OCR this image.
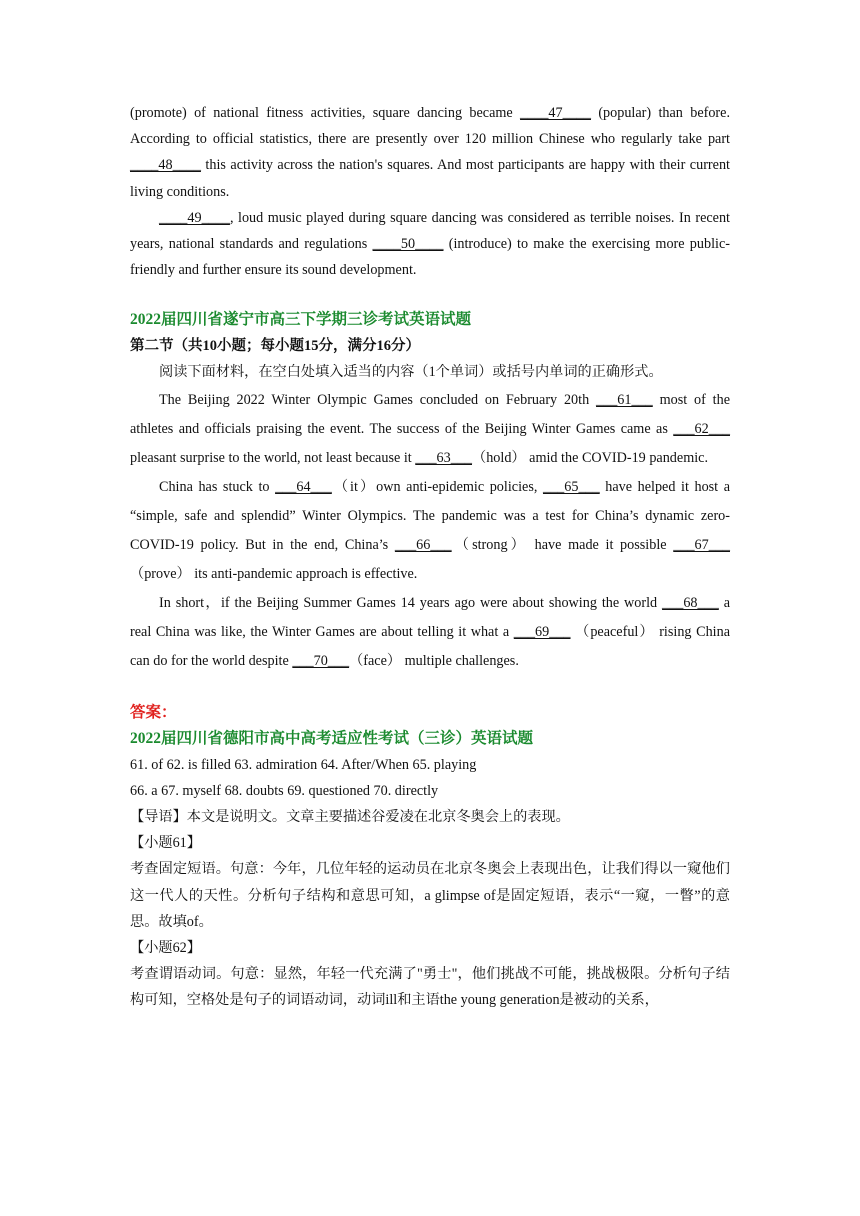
(promote) of national fitness activities, square dancing became ____47____ (popular) than before. According to official statistics, there are presently over 120 million Chinese who regularly take part ____48____ this activity across the nation's squares. And most participants are happy with their current living conditions.

____49____, loud music played during square dancing was considered as terrible noises. In recent years, national standards and regulations ____50____ (introduce) to make the exercising more public-friendly and further ensure its sound development.

2022届四川省遂宁市高三下学期三诊考试英语试题

第二节（共10小题；每小题15分，满分16分）

阅读下面材料，在空白处填入适当的内容（1个单词）或括号内单词的正确形式。

The Beijing 2022 Winter Olympic Games concluded on February 20th ___61___ most of the athletes and officials praising the event. The success of the Beijing Winter Games came as ___62___ pleasant surprise to the world, not least because it ___63___（hold） amid the COVID-19 pandemic.

China has stuck to ___64___（it）own anti-epidemic policies, ___65___ have helped it host a “simple, safe and splendid” Winter Olympics. The pandemic was a test for China’s dynamic zero-COVID-19 policy. But in the end, China’s ___66___（strong） have made it possible ___67___（prove） its anti-pandemic approach is effective.

In short，if the Beijing Summer Games 14 years ago were about showing the world ___68___ a real China was like, the Winter Games are about telling it what a ___69___ （peaceful） rising China can do for the world despite ___70___（face） multiple challenges.

答案：

2022届四川省德阳市高中高考适应性考试（三诊）英语试题

61. of 62. is filled 63. admiration 64. After/When 65. playing

66. a 67. myself 68. doubts 69. questioned 70. directly

【导语】本文是说明文。文章主要描述谷爱凌在北京冬奥会上的表现。

【小题61】

考查固定短语。句意：今年，几位年轻的运动员在北京冬奥会上表现出色，让我们得以一窥他们这一代人的天性。分析句子结构和意思可知，a glimpse of是固定短语，表示“一窥，一瞥”的意思。故填of。

【小题62】

考查谓语动词。句意：显然，年轻一代充满了"勇士"，他们挑战不可能，挑战极限。分析句子结构可知，空格处是句子的词语动词，动词ill和主语the young generation是被动的关系，
